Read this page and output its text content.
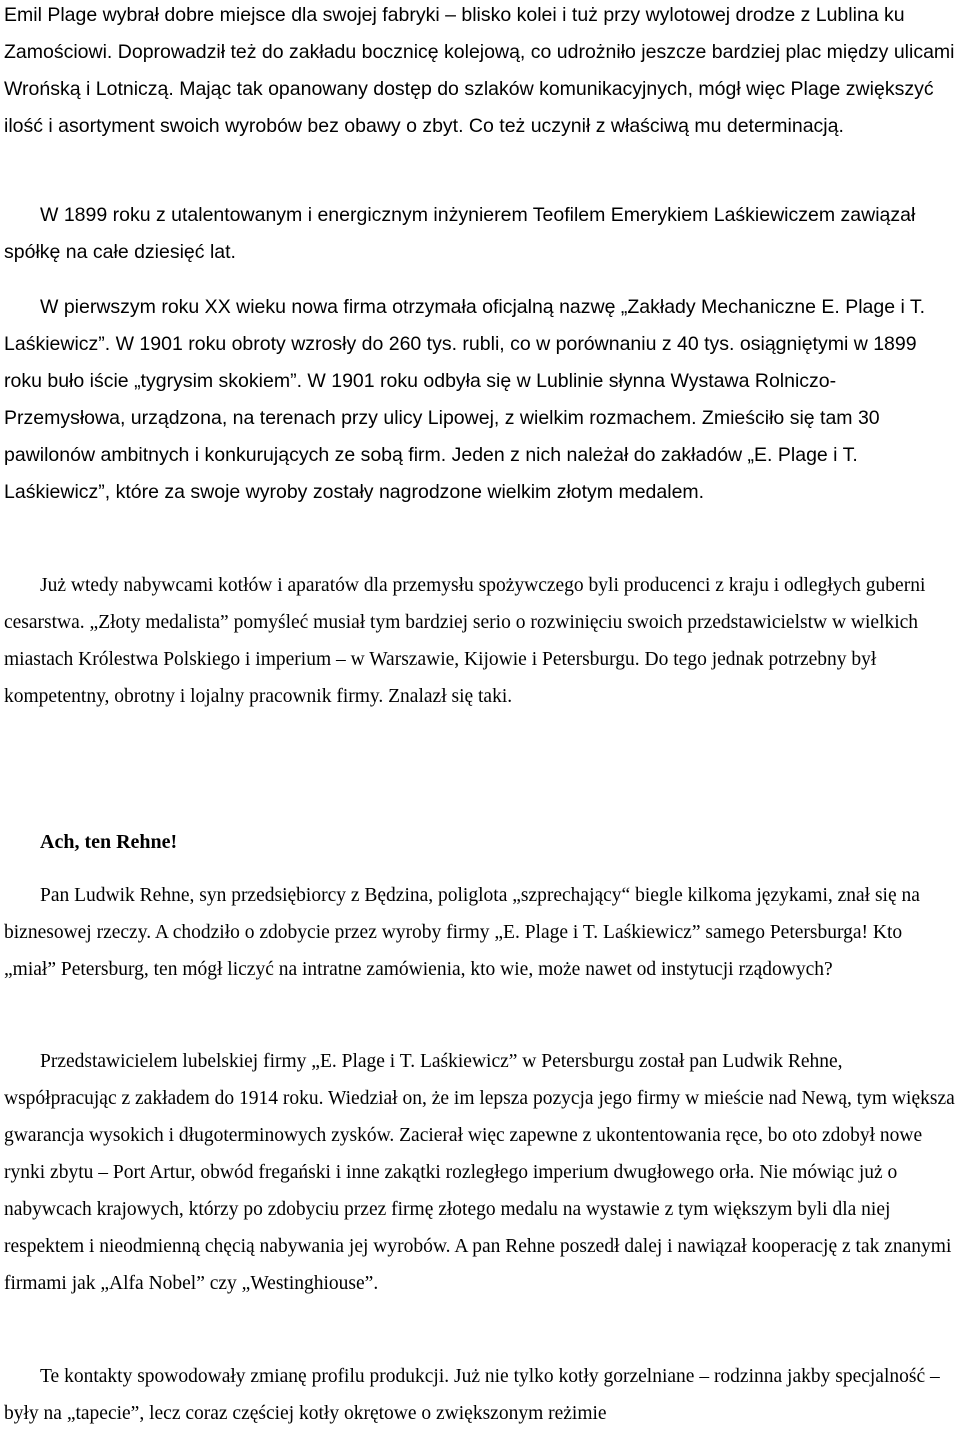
Emil Plage wybrał dobre miejsce dla swojej fabryki – blisko kolei i tuż przy wylotowej drodze z Lublina ku Zamościowi. Doprowadził też do zakładu bocznicę kolejową, co udrożniło jeszcze bardziej plac między ulicami Wrońską i Lotniczą. Mając tak opanowany dostęp do szlaków komunikacyjnych, mógł więc Plage zwiększyć ilość i asortyment swoich wyrobów bez obawy o zbyt. Co też uczynił z właściwą mu determinacją.

W 1899 roku z utalentowanym i energicznym inżynierem Teofilem Emerykiem Laśkiewiczem zawiązał spółkę na całe dziesięć lat.

W pierwszym roku XX wieku nowa firma otrzymała oficjalną nazwę „Zakłady Mechaniczne E. Plage i T. Laśkiewicz”. W 1901 roku obroty wzrosły do 260 tys. rubli, co w porównaniu z 40 tys. osiągniętymi w 1899 roku buło iście „tygrysim skokiem”. W 1901 roku odbyła się w Lublinie słynna Wystawa Rolniczo-Przemysłowa, urządzona, na terenach przy ulicy Lipowej, z wielkim rozmachem. Zmieściło się tam 30 pawilonów ambitnych i konkurujących ze sobą firm. Jeden z nich należał do zakładów „E. Plage i T. Laśkiewicz”, które za swoje wyroby zostały nagrodzone wielkim złotym medalem.

Już wtedy nabywcami kotłów i aparatów dla przemysłu spożywczego byli producenci z kraju i odległych guberni cesarstwa. „Złoty medalista” pomyśleć musiał tym bardziej serio o rozwinięciu swoich przedstawicielstw w wielkich miastach Królestwa Polskiego i imperium – w Warszawie, Kijowie i Petersburgu. Do tego jednak potrzebny był kompetentny, obrotny i lojalny pracownik firmy. Znalazł się taki.

Ach, ten Rehne!

Pan Ludwik Rehne, syn przedsiębiorcy z Będzina, poliglota „szprechający“ biegle kilkoma językami, znał się na biznesowej rzeczy. A chodziło o zdobycie przez wyroby firmy „E. Plage i T. Laśkiewicz” samego Petersburga! Kto „miał” Petersburg, ten mógł liczyć na intratne zamówienia, kto wie, może nawet od instytucji rządowych?

Przedstawicielem lubelskiej firmy „E. Plage i T. Laśkiewicz” w Petersburgu został pan Ludwik Rehne, współpracując z zakładem do 1914 roku. Wiedział on, że im lepsza pozycja jego firmy w mieście nad Newą, tym większa gwarancja wysokich i długoterminowych zysków. Zacierał więc zapewne z ukontentowania ręce, bo oto zdobył nowe rynki zbytu – Port Artur, obwód fregański i inne zakątki rozległego imperium dwugłowego orła. Nie mówiąc już o nabywcach krajowych, którzy po zdobyciu przez firmę złotego medalu na wystawie z tym większym byli dla niej respektem i nieodmienną chęcią nabywania jej wyrobów. A pan Rehne poszedł dalej i nawiązał kooperację z tak znanymi firmami jak „Alfa Nobel” czy „Westinghiouse”.

Te kontakty spowodowały zmianę profilu produkcji. Już nie tylko kotły gorzelniane – rodzinna jakby specjalność – były na „tapecie”, lecz coraz częściej kotły okrętowe o zwiększonym reżimie
